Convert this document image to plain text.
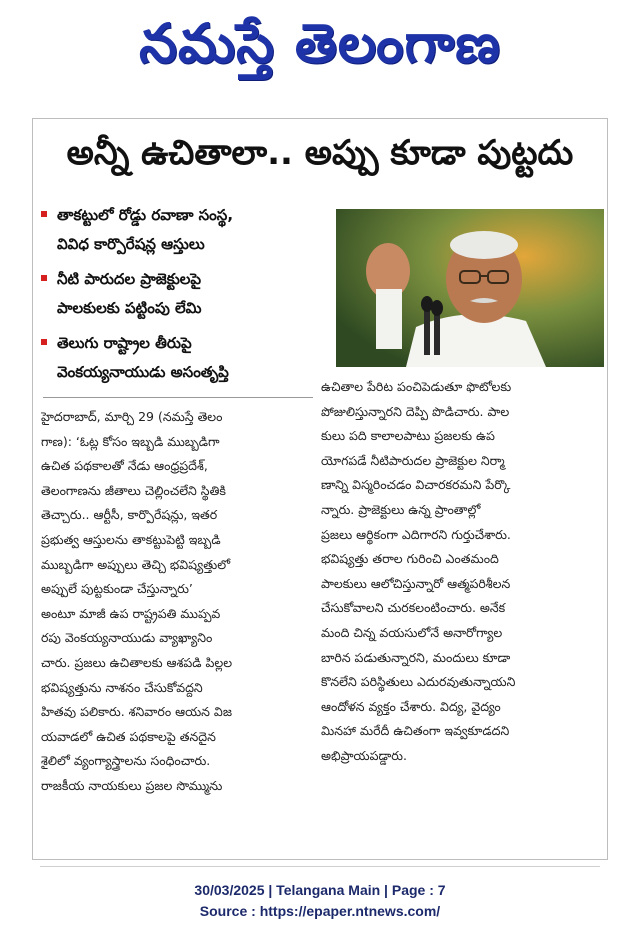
నమస్తే తెలంగాణ
అన్నీ ఉచితాలా.. అప్పు కూడా పుట్టదు
తాకట్టులో రోడ్డు రవాణా సంస్థ,
వివిధ కార్పొరేషన్ల ఆస్తులు
నీటి పారుదల ప్రాజెక్టులపై
పాలకులకు పట్టింపు లేమి
తెలుగు రాష్ట్రాల తీరుపై
వెంకయ్యనాయుడు అసంతృప్తి
హైదరాబాద్, మార్చి 29 (నమస్తే తెలం
గాణ): ‘ఓట్ల కోసం ఇబ్బడి ముబ్బడిగా
ఉచిత పథకాలతో నేడు ఆంధ్రప్రదేశ్,
తెలంగాణను జీతాలు చెల్లించలేని స్థితికి
తెచ్చారు.. ఆర్టీసీ, కార్పొరేషన్లు, ఇతర
ప్రభుత్వ ఆస్తులను తాకట్టుపెట్టి ఇబ్బడి
ముబ్బడిగా అప్పులు తెచ్చి భవిష్యత్తులో
అప్పులే పుట్టకుండా చేస్తున్నారు’
అంటూ మాజీ ఉప రాష్ట్రపతి ముప్పవ
రపు వెంకయ్యనాయుడు వ్యాఖ్యానిం
చారు. ప్రజలు ఉచితాలకు ఆశపడి పిల్లల
భవిష్యత్తును నాశనం చేసుకోవద్దని
హితవు పలికారు. శనివారం ఆయన విజ
యవాడలో ఉచిత పథకాలపై తనదైన
శైలిలో వ్యంగ్యాస్త్రాలను సంధించారు.
రాజకీయ నాయకులు ప్రజల సొమ్మును
ఉచితాల పేరిట పంచిపెడుతూ ఫొటోలకు
పోజులిస్తున్నారని దెప్పి పొడిచారు. పాల
కులు పది కాలాలపాటు ప్రజలకు ఉప
యోగపడే నీటిపారుదల ప్రాజెక్టుల నిర్మా
ణాన్ని విస్మరించడం విచారకరమని పేర్కొ
న్నారు. ప్రాజెక్టులు ఉన్న ప్రాంతాల్లో
ప్రజలు ఆర్థికంగా ఎదిగారని గుర్తుచేశారు.
భవిష్యత్తు తరాల గురించి ఎంతమంది
పాలకులు ఆలోచిస్తున్నారో ఆత్మపరిశీలన
చేసుకోవాలని చురకలంటించారు. అనేక
మంది చిన్న వయసులోనే అనారోగ్యాల
బారిన పడుతున్నారని, మందులు కూడా
కొనలేని పరిస్థితులు ఎదురవుతున్నాయని
ఆందోళన వ్యక్తం చేశారు. విద్య, వైద్యం
మినహా మరేదీ ఉచితంగా ఇవ్వకూడదని
అభిప్రాయపడ్డారు.
30/03/2025 | Telangana Main | Page : 7
Source : https://epaper.ntnews.com/
